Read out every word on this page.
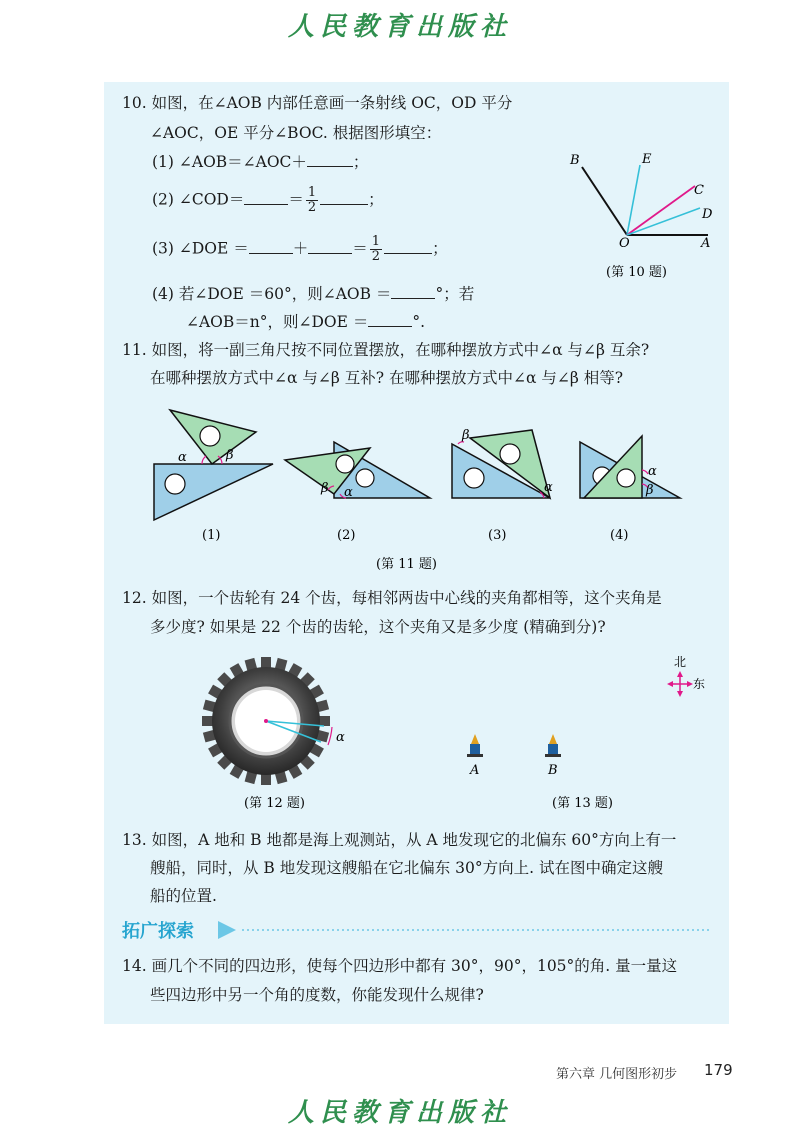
人民教育出版社
10. 如图，在∠AOB 内部任意画一条射线 OC，OD 平分
∠AOC，OE 平分∠BOC. 根据图形填空：
(1) ∠AOB＝∠AOC＋	；
(2) ∠COD＝	＝ $\frac{1}{2}$	；
(3) ∠DOE ＝	＋	＝ $\frac{1}{2}$	；
(4) 若∠DOE ＝60°，则∠AOB ＝	°；若
∠AOB＝n°，则∠DOE ＝	°.
B	E
C
D
O	A
(第 10 题)
11. 如图，将一副三角尺按不同位置摆放，在哪种摆放方式中∠α 与∠β 互余?
在哪种摆放方式中∠α 与∠β 互补? 在哪种摆放方式中∠α 与∠β 相等?
α	β
(1)
α
β
(2)
β
α
(3)
α
β
(4)
(第 11 题)
12. 如图，一个齿轮有 24 个齿，每相邻两齿中心线的夹角都相等，这个夹角是
多少度? 如果是 22 个齿的齿轮，这个夹角又是多少度 (精确到分)?
α
(第 12 题)
北
东
A	B
(第 13 题)
13. 如图，A 地和 B 地都是海上观测站，从 A 地发现它的北偏东 60°方向上有一
艘船，同时，从 B 地发现这艘船在它北偏东 30°方向上. 试在图中确定这艘
船的位置.
拓广探索
14. 画几个不同的四边形，使每个四边形中都有 30°，90°，105°的角. 量一量这
些四边形中另一个角的度数，你能发现什么规律?
第六章 几何图形初步 179
人民教育出版社
